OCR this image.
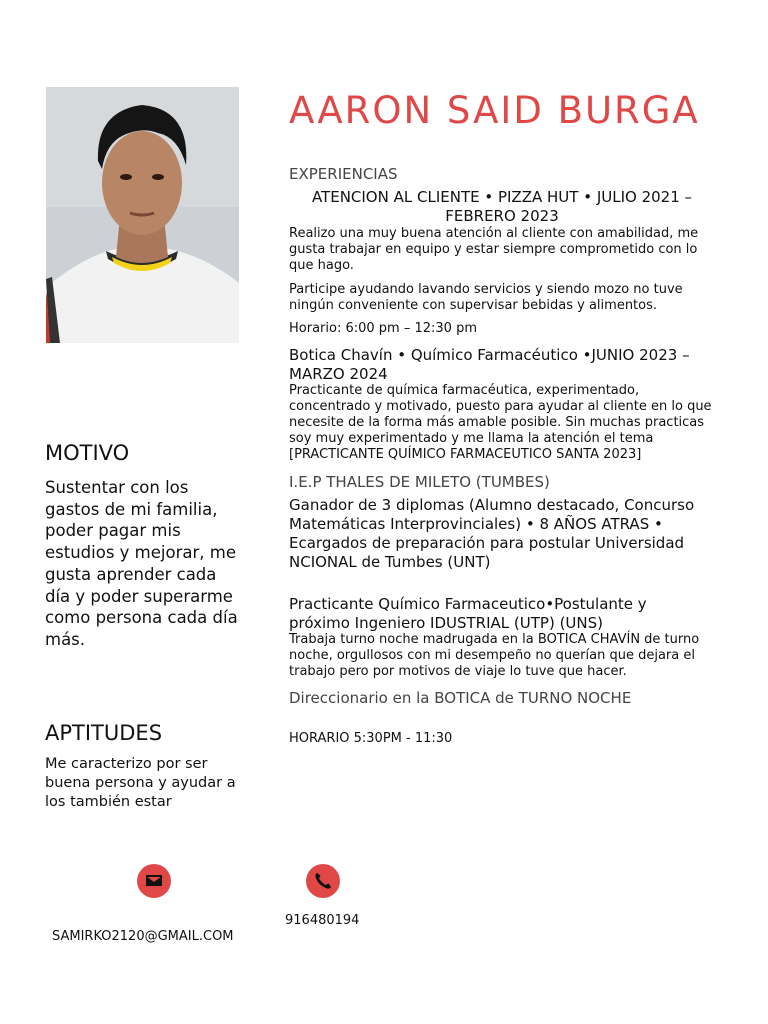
AARON SAID BURGA
EXPERIENCIAS
ATENCION AL CLIENTE • PIZZA HUT • JULIO 2021 – FEBRERO 2023
Realizo una muy buena atención al cliente con amabilidad, me gusta trabajar en equipo y estar siempre comprometido con lo que hago.
Participe ayudando lavando servicios y siendo mozo no tuve ningún conveniente con supervisar bebidas y alimentos.
Horario: 6:00 pm – 12:30 pm
Botica Chavín • Químico Farmacéutico •JUNIO 2023 – MARZO 2024
Practicante de química farmacéutica, experimentado, concentrado y motivado, puesto para ayudar al cliente en lo que necesite de la forma más amable posible. Sin muchas practicas soy muy experimentado y me llama la atención el tema [PRACTICANTE QUÍMICO FARMACEUTICO SANTA 2023]
I.E.P THALES DE MILETO (TUMBES)
Ganador de 3 diplomas (Alumno destacado, Concurso Matemáticas Interprovinciales) • 8 AÑOS ATRAS • Ecargados de preparación para postular Universidad NCIONAL de Tumbes (UNT)
Practicante Químico Farmaceutico•Postulante y próximo Ingeniero IDUSTRIAL (UTP) (UNS)
Trabaja turno noche madrugada en la BOTICA CHAVÍN de turno noche, orgullosos con mi desempeño no querían que dejara el trabajo pero por motivos de viaje lo tuve que hacer.
Direccionario en la BOTICA de TURNO NOCHE
HORARIO 5:30PM - 11:30
MOTIVO
Sustentar con los gastos de mi familia, poder pagar mis estudios y mejorar, me gusta aprender cada día y poder superarme como persona cada día más.
APTITUDES
Me caracterizo por ser buena persona y ayudar a los también estar
SAMIRKO2120@GMAIL.COM
916480194
